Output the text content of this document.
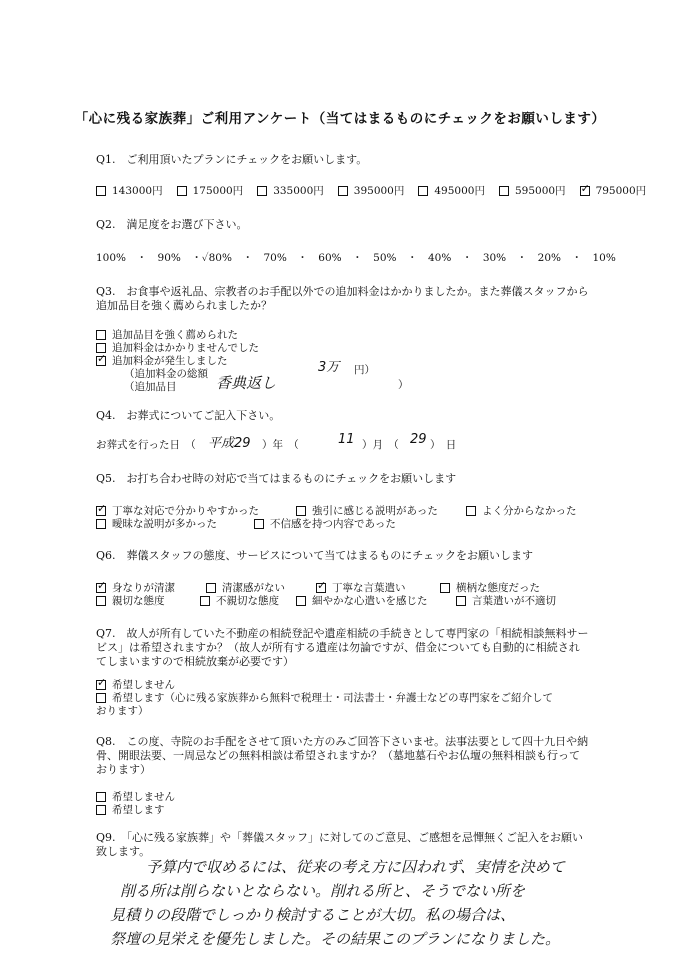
「心に残る家族葬」ご利用アンケート（当てはまるものにチェックをお願いします）
Q1.　ご利用頂いたプランにチェックをお願いします。
143000円	175000円	335000円	395000円	495000円	595000円 ✓	795000円
Q2.　満足度をお選び下さい。
100%　・　90%　・✓80%　・　70%　・　60%　・　50%　・　40%　・　30%　・　20%　・　10%
Q3.　お食事や返礼品、宗教者のお手配以外での追加料金はかかりましたか。また葬儀スタッフから
追加品目を強く薦められましたか？
追加品目を強く薦められた
追加料金はかかりませんでした
✓追加料金が発生しました
（追加料金の総額	3万 円）
（追加品目	香典返し	）
Q4.　お葬式についてご記入下さい。
お葬式を行った日　（ 平成29 ）年　（	11 ）月　（ 29 ）　日
Q5.　お打ち合わせ時の対応で当てはまるものにチェックをお願いします
✓丁寧な対応で分かりやすかった	強引に感じる説明があった	よく分からなかった
曖昧な説明が多かった	不信感を持つ内容であった
Q6.　葬儀スタッフの態度、サービスについて当てはまるものにチェックをお願いします
✓身なりが清潔	清潔感がない ✓	丁寧な言葉遣い	横柄な態度だった
親切な態度	不親切な態度	細やかな心遣いを感じた	言葉遣いが不適切
Q7.　故人が所有していた不動産の相続登記や遺産相続の手続きとして専門家の「相続相談無料サー
ビス」は希望されますか？（故人が所有する遺産は勿論ですが、借金についても自動的に相続され
てしまいますので相続放棄が必要です）
✓希望しません
希望します（心に残る家族葬から無料で税理士・司法書士・弁護士などの専門家をご紹介して
おります）
Q8.　この度、寺院のお手配をさせて頂いた方のみご回答下さいませ。法事法要として四十九日や納
骨、開眼法要、一周忌などの無料相談は希望されますか？（墓地墓石やお仏壇の無料相談も行って
おります）
希望しません
希望します
Q9.　「心に残る家族葬」や「葬儀スタッフ」に対してのご意見、ご感想を忌憚無くご記入をお願い
致します。
予算内で収めるには、従来の考え方に囚われず、実情を決めて
削る所は削らないとならない。削れる所と、そうでない所を
見積りの段階でしっかり検討することが大切。私の場合は、
祭壇の見栄えを優先しました。その結果このプランになりました。
